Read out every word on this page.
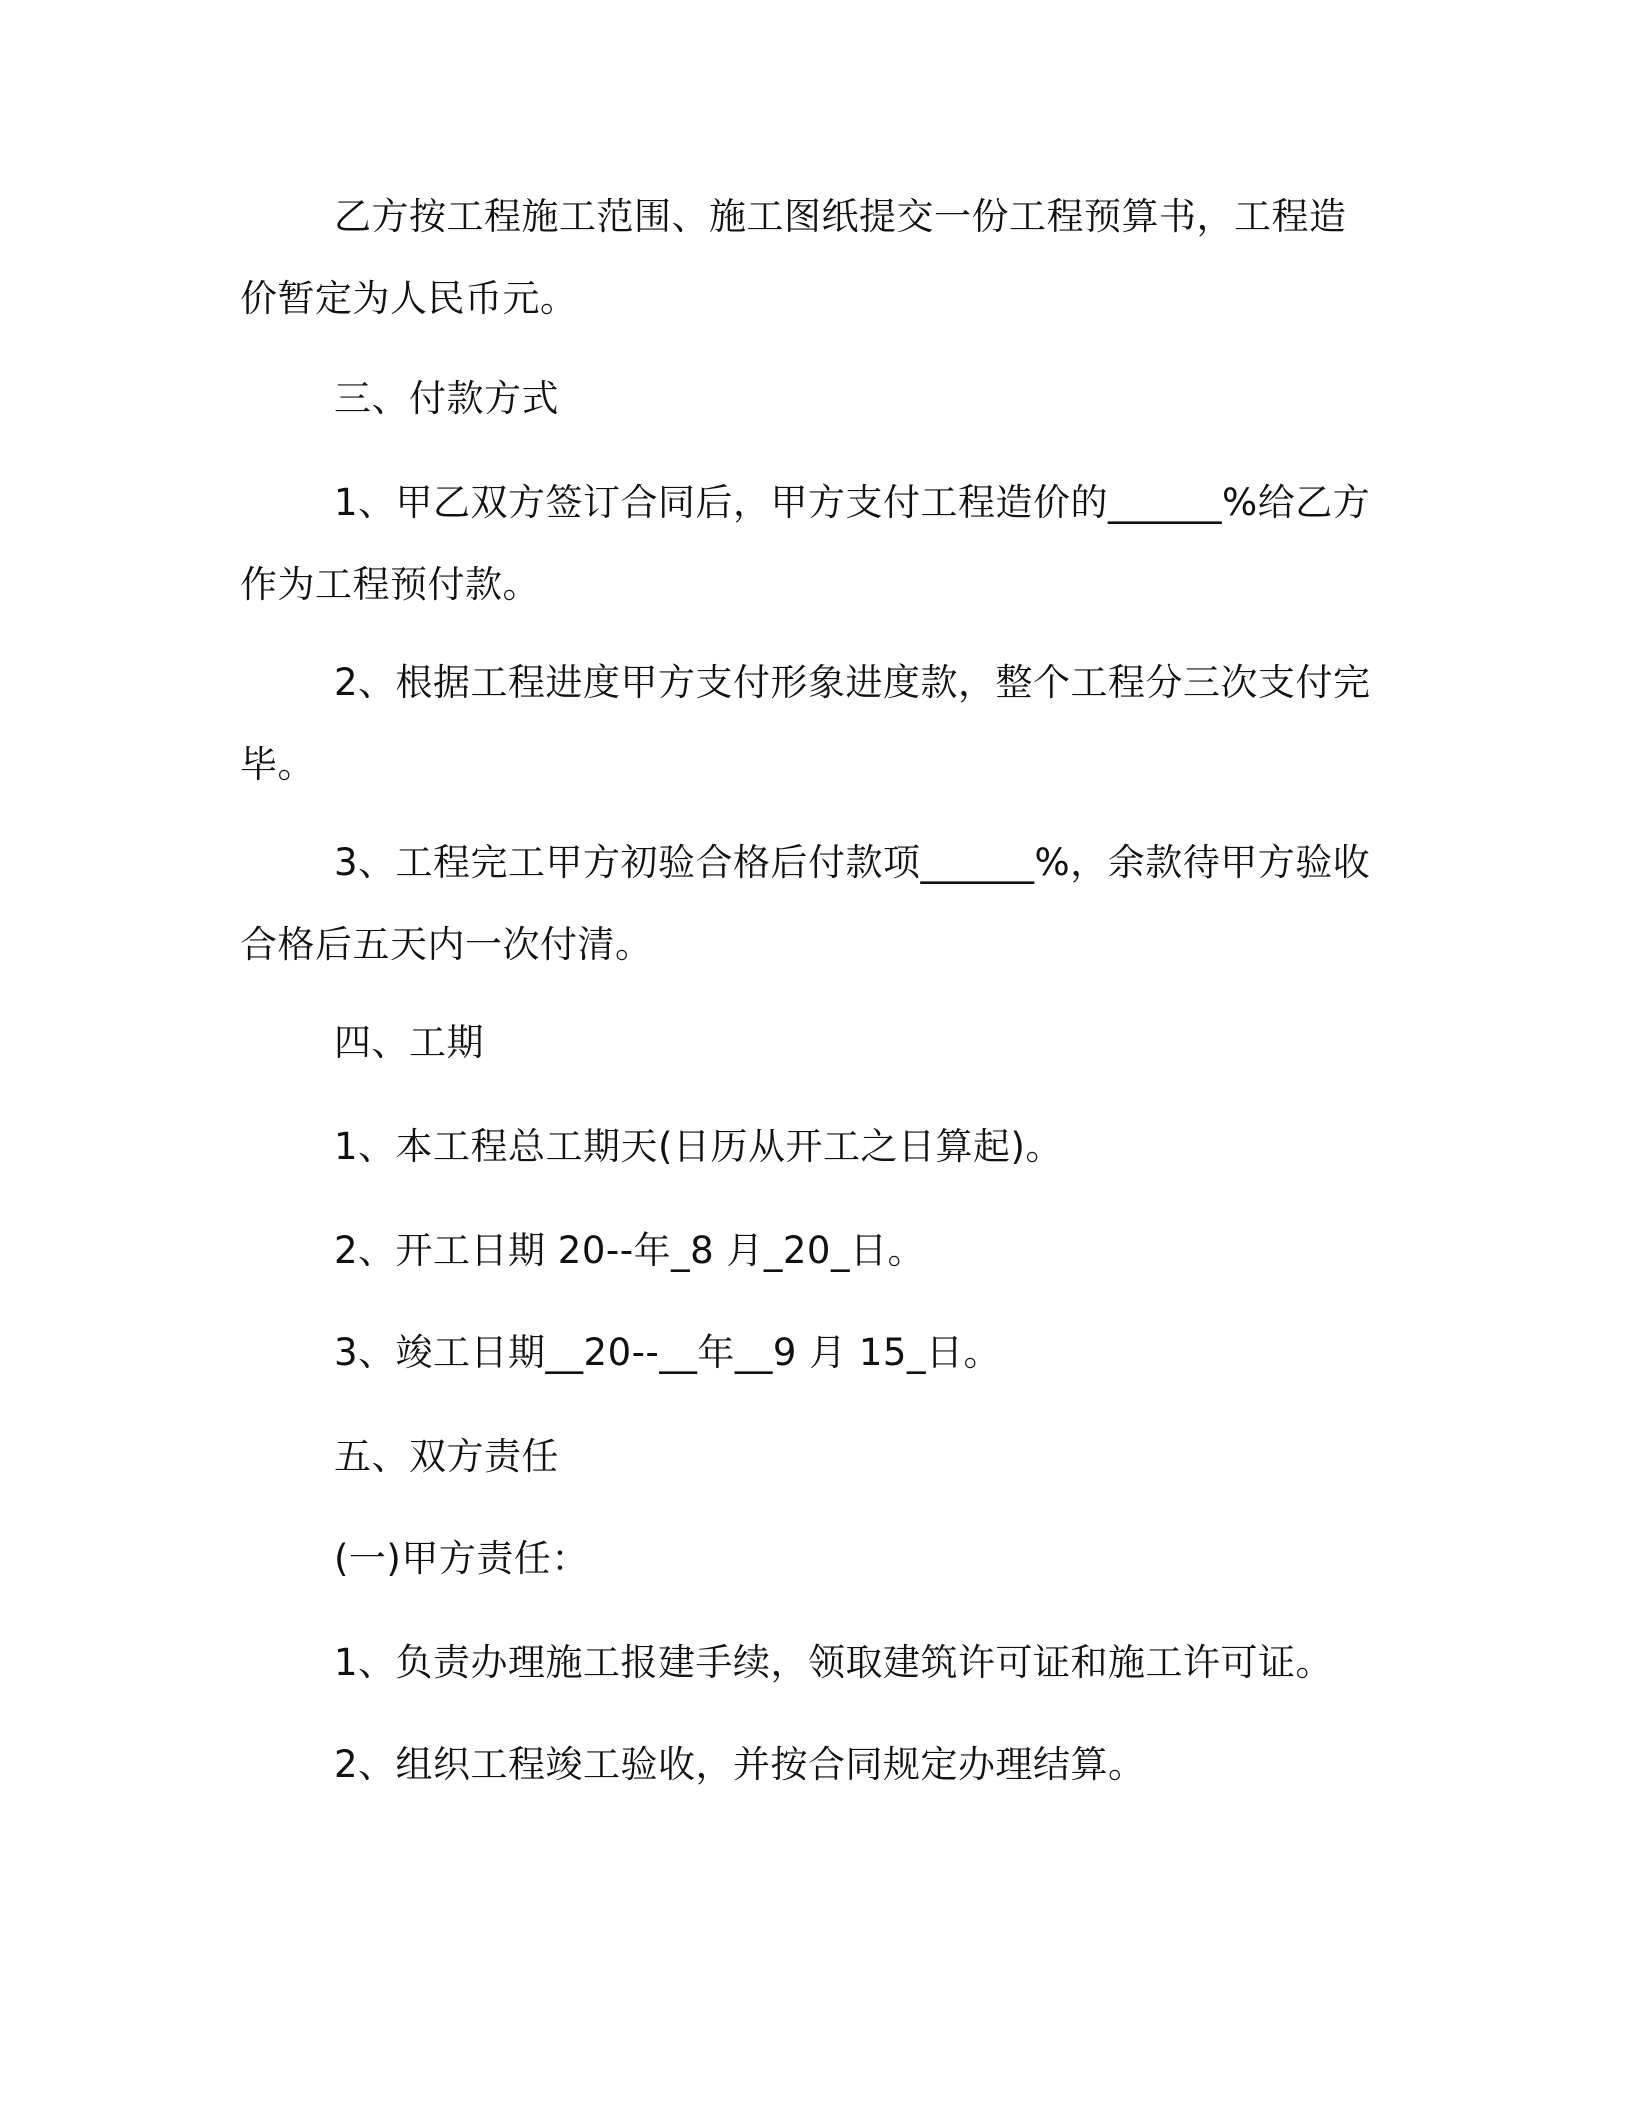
乙方按工程施工范围、施工图纸提交一份工程预算书，工程造价暂定为人民币元。

三、付款方式

1、甲乙双方签订合同后，甲方支付工程造价的______%给乙方作为工程预付款。

2、根据工程进度甲方支付形象进度款，整个工程分三次支付完毕。

3、工程完工甲方初验合格后付款项______%，余款待甲方验收合格后五天内一次付清。

四、工期

1、本工程总工期天(日历从开工之日算起)。

2、开工日期 20--年_8 月_20_日。

3、竣工日期__20--__年__9 月 15_日。

五、双方责任

(一)甲方责任：

1、负责办理施工报建手续，领取建筑许可证和施工许可证。

2、组织工程竣工验收，并按合同规定办理结算。
